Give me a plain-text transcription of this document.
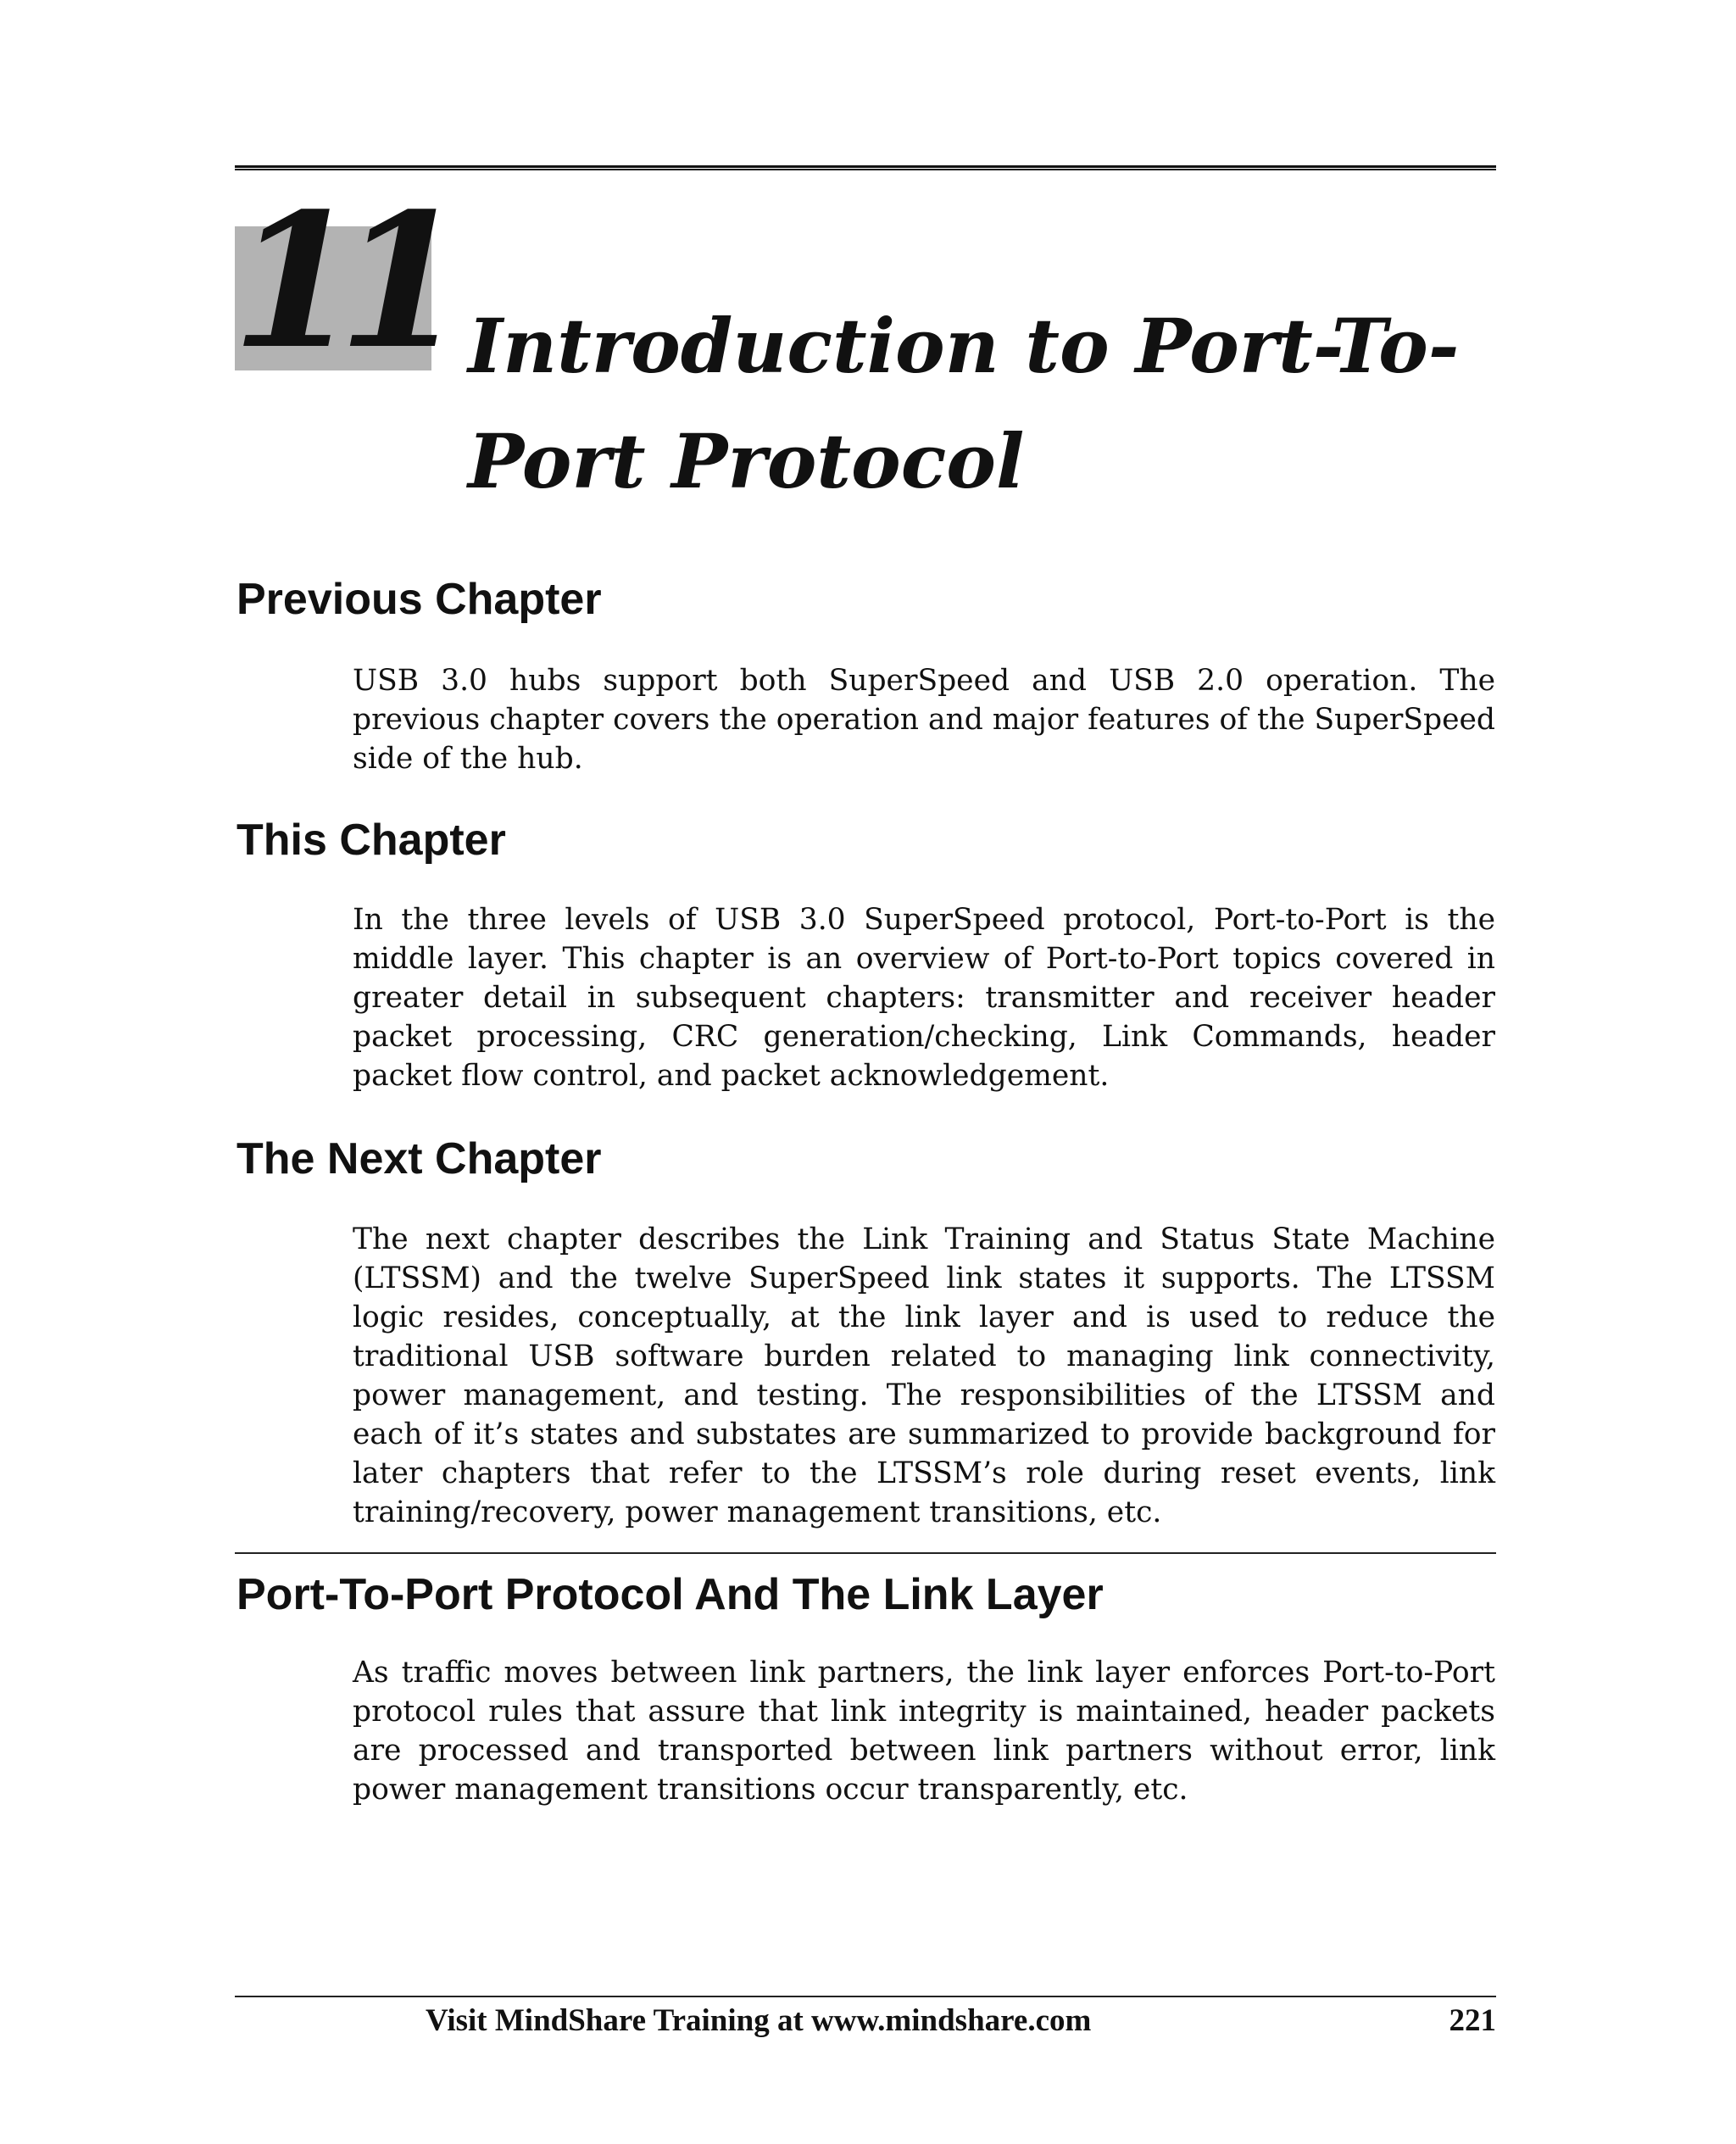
11 Introduction to Port-To-Port Protocol
Previous Chapter

USB 3.0 hubs support both SuperSpeed and USB 2.0 operation. The previous chapter covers the operation and major features of the SuperSpeed side of the hub.

This Chapter

In the three levels of USB 3.0 SuperSpeed protocol, Port-to-Port is the middle layer. This chapter is an overview of Port-to-Port topics covered in greater detail in subsequent chapters: transmitter and receiver header packet processing, CRC generation/checking, Link Commands, header packet flow control, and packet acknowledgement.

The Next Chapter

The next chapter describes the Link Training and Status State Machine (LTSSM) and the twelve SuperSpeed link states it supports. The LTSSM logic resides, conceptually, at the link layer and is used to reduce the traditional USB software burden related to managing link connectivity, power management, and testing. The responsibilities of the LTSSM and each of it’s states and substates are summarized to provide background for later chapters that refer to the LTSSM’s role during reset events, link training/recovery, power management transitions, etc.

Port-To-Port Protocol And The Link Layer

As traffic moves between link partners, the link layer enforces Port-to-Port protocol rules that assure that link integrity is maintained, header packets are processed and transported between link partners without error, link power management transitions occur transparently, etc.

Visit MindShare Training at www.mindshare.com	221
